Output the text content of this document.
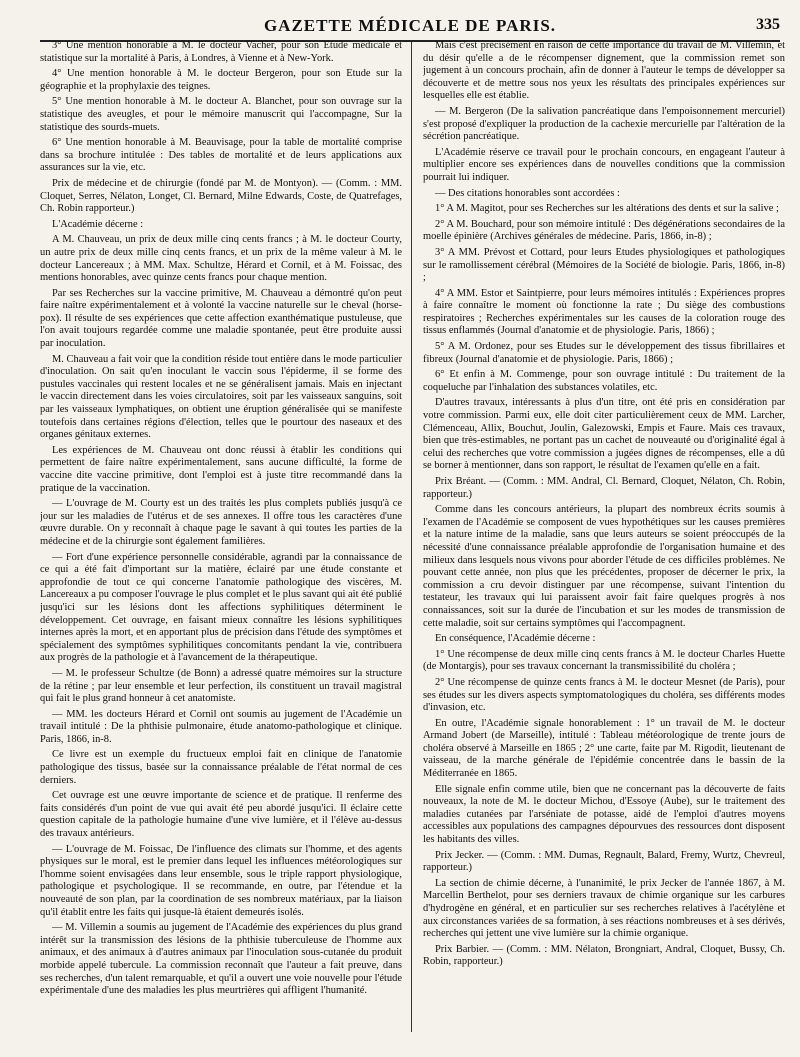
GAZETTE MÉDICALE DE PARIS.	335

3° Une mention honorable à M. le docteur Vacher, pour son Etude médicale et statistique sur la mortalité à Paris, à Londres, à Vienne et à New-York.

4° Une mention honorable à M. le docteur Bergeron, pour son Etude sur la géographie et la prophylaxie des teignes.

5° Une mention honorable à M. le docteur A. Blanchet, pour son ouvrage sur la statistique des aveugles, et pour le mémoire manuscrit qui l'accompagne, Sur la statistique des sourds-muets.

6° Une mention honorable à M. Beauvisage, pour la table de mortalité comprise dans sa brochure intitulée : Des tables de mortalité et de leurs applications aux assurances sur la vie, etc.

Prix de médecine et de chirurgie (fondé par M. de Montyon). — (Comm. : MM. Cloquet, Serres, Nélaton, Longet, Cl. Bernard, Milne Edwards, Coste, de Quatrefages, Ch. Robin rapporteur.)

L'Académie décerne :

A M. Chauveau, un prix de deux mille cinq cents francs ; à M. le docteur Courty, un autre prix de deux mille cinq cents francs, et un prix de la même valeur à M. le docteur Lancereaux ; à MM. Max. Schultze, Hérard et Cornil, et à M. Foissac, des mentions honorables, avec quinze cents francs pour chaque mention.

Par ses Recherches sur la vaccine primitive, M. Chauveau a démontré qu'on peut faire naître expérimentalement et à volonté la vaccine naturelle sur le cheval (horse-pox). Il résulte de ses expériences que cette affection exanthématique pustuleuse, que l'on avait toujours regardée comme une maladie spontanée, peut être produite aussi par inoculation.

M. Chauveau a fait voir que la condition réside tout entière dans le mode particulier d'inoculation. On sait qu'en inoculant le vaccin sous l'épiderme, il se forme des pustules vaccinales qui restent locales et ne se généralisent jamais. Mais en injectant le vaccin directement dans les voies circulatoires, soit par les vaisseaux sanguins, soit par les vaisseaux lymphatiques, on obtient une éruption généralisée qui se manifeste toutefois dans certaines régions d'élection, telles que le pourtour des naseaux et des organes génitaux externes.

Les expériences de M. Chauveau ont donc réussi à établir les conditions qui permettent de faire naître expérimentalement, sans aucune difficulté, la forme de vaccine dite vaccine primitive, dont l'emploi est à juste titre recommandé dans la pratique de la vaccination.

— L'ouvrage de M. Courty est un des traités les plus complets publiés jusqu'à ce jour sur les maladies de l'utérus et de ses annexes. Il offre tous les caractères d'une œuvre durable. On y reconnaît à chaque page le savant à qui toutes les parties de la médecine et de la chirurgie sont également familières.

— Fort d'une expérience personnelle considérable, agrandi par la connaissance de ce qui a été fait d'important sur la matière, éclairé par une étude constante et approfondie de tout ce qui concerne l'anatomie pathologique des viscères, M. Lancereaux a pu composer l'ouvrage le plus complet et le plus savant qui ait été publié jusqu'ici sur les lésions dont les affections syphilitiques déterminent le développement. Cet ouvrage, en faisant mieux connaître les lésions syphilitiques internes après la mort, et en apportant plus de précision dans l'étude des symptômes et spécialement des symptômes syphilitiques concomitants pendant la vie, contribuera aux progrès de la pathologie et à l'avancement de la thérapeutique.

— M. le professeur Schultze (de Bonn) a adressé quatre mémoires sur la structure de la rétine ; par leur ensemble et leur perfection, ils constituent un travail magistral qui fait le plus grand honneur à cet anatomiste.

— MM. les docteurs Hérard et Cornil ont soumis au jugement de l'Académie un travail intitulé : De la phthisie pulmonaire, étude anatomo-pathologique et clinique. Paris, 1866, in-8.

Ce livre est un exemple du fructueux emploi fait en clinique de l'anatomie pathologique des tissus, basée sur la connaissance préalable de l'état normal de ces derniers.

Cet ouvrage est une œuvre importante de science et de pratique. Il renferme des faits considérés d'un point de vue qui avait été peu abordé jusqu'ici. Il éclaire cette question capitale de la pathologie humaine d'une vive lumière, et il l'élève au-dessus des travaux antérieurs.

— L'ouvrage de M. Foissac, De l'influence des climats sur l'homme, et des agents physiques sur le moral, est le premier dans lequel les influences météorologiques sur l'homme soient envisagées dans leur ensemble, sous le triple rapport physiologique, pathologique et psychologique. Il se recommande, en outre, par l'étendue et la nouveauté de son plan, par la coordination de ses nombreux matériaux, par la liaison qu'il établit entre les faits qui jusque-là étaient demeurés isolés.

— M. Villemin a soumis au jugement de l'Académie des expériences du plus grand intérêt sur la transmission des lésions de la phthisie tuberculeuse de l'homme aux animaux, et des animaux à d'autres animaux par l'inoculation sous-cutanée du produit morbide appelé tubercule. La commission reconnaît que l'auteur a fait preuve, dans ses recherches, d'un talent remarquable, et qu'il a ouvert une voie nouvelle pour l'étude expérimentale d'une des maladies les plus meurtrières qui affligent l'humanité.

Mais c'est précisément en raison de cette importance du travail de M. Villemin, et du désir qu'elle a de le récompenser dignement, que la commission remet son jugement à un concours prochain, afin de donner à l'auteur le temps de développer sa découverte et de mettre sous nos yeux les résultats des principales expériences sur lesquelles elle est établie.

— M. Bergeron (De la salivation pancréatique dans l'empoisonnement mercuriel) s'est proposé d'expliquer la production de la cachexie mercurielle par l'altération de la sécrétion pancréatique.

L'Académie réserve ce travail pour le prochain concours, en engageant l'auteur à multiplier encore ses expériences dans de nouvelles conditions que la commission pourrait lui indiquer.

— Des citations honorables sont accordées :

1° A M. Magitot, pour ses Recherches sur les altérations des dents et sur la salive ;

2° A M. Bouchard, pour son mémoire intitulé : Des dégénérations secondaires de la moelle épinière (Archives générales de médecine. Paris, 1866, in-8) ;

3° A MM. Prévost et Cottard, pour leurs Etudes physiologiques et pathologiques sur le ramollissement cérébral (Mémoires de la Société de biologie. Paris, 1866, in-8) ;

4° A MM. Estor et Saintpierre, pour leurs mémoires intitulés : Expériences propres à faire connaître le moment où fonctionne la rate ; Du siège des combustions respiratoires ; Recherches expérimentales sur les causes de la coloration rouge des tissus enflammés (Journal d'anatomie et de physiologie. Paris, 1866) ;

5° A M. Ordonez, pour ses Etudes sur le développement des tissus fibrillaires et fibreux (Journal d'anatomie et de physiologie. Paris, 1866) ;

6° Et enfin à M. Commenge, pour son ouvrage intitulé : Du traitement de la coqueluche par l'inhalation des substances volatiles, etc.

D'autres travaux, intéressants à plus d'un titre, ont été pris en considération par votre commission. Parmi eux, elle doit citer particulièrement ceux de MM. Larcher, Clémenceau, Allix, Bouchut, Joulin, Galezowski, Empis et Faure. Mais ces travaux, bien que très-estimables, ne portant pas un cachet de nouveauté ou d'originalité égal à celui des recherches que votre commission a jugées dignes de récompenses, elle a dû se borner à mentionner, dans son rapport, le résultat de l'examen qu'elle en a fait.

Prix Bréant. — (Comm. : MM. Andral, Cl. Bernard, Cloquet, Nélaton, Ch. Robin, rapporteur.)

Comme dans les concours antérieurs, la plupart des nombreux écrits soumis à l'examen de l'Académie se composent de vues hypothétiques sur les causes premières et la nature intime de la maladie, sans que leurs auteurs se soient préoccupés de la nécessité d'une connaissance préalable approfondie de l'organisation humaine et des milieux dans lesquels nous vivons pour aborder l'étude de ces difficiles problèmes. Ne pouvant cette année, non plus que les précédentes, proposer de décerner le prix, la commission a cru devoir distinguer par une récompense, suivant l'intention du testateur, les travaux qui lui paraissent avoir fait faire quelques progrès à nos connaissances, soit sur la durée de l'incubation et sur les modes de transmission de cette maladie, soit sur certains symptômes qui l'accompagnent.

En conséquence, l'Académie décerne :

1° Une récompense de deux mille cinq cents francs à M. le docteur Charles Huette (de Montargis), pour ses travaux concernant la transmissibilité du choléra ;

2° Une récompense de quinze cents francs à M. le docteur Mesnet (de Paris), pour ses études sur les divers aspects symptomatologiques du choléra, ses différents modes d'invasion, etc.

En outre, l'Académie signale honorablement : 1° un travail de M. le docteur Armand Jobert (de Marseille), intitulé : Tableau météorologique de trente jours de choléra observé à Marseille en 1865 ; 2° une carte, faite par M. Rigodit, lieutenant de vaisseau, de la marche générale de l'épidémie concentrée dans le bassin de la Méditerranée en 1865.

Elle signale enfin comme utile, bien que ne concernant pas la découverte de faits nouveaux, la note de M. le docteur Michou, d'Essoye (Aube), sur le traitement des maladies cutanées par l'arséniate de potasse, aidé de l'emploi d'autres moyens accessibles aux populations des campagnes dépourvues des ressources dont disposent les habitants des villes.

Prix Jecker. — (Comm. : MM. Dumas, Regnault, Balard, Fremy, Wurtz, Chevreul, rapporteur.)

La section de chimie décerne, à l'unanimité, le prix Jecker de l'année 1867, à M. Marcellin Berthelot, pour ses derniers travaux de chimie organique sur les carbures d'hydrogène en général, et en particulier sur ses recherches relatives à l'acétylène et aux circonstances variées de sa formation, à ses réactions nombreuses et à ses dérivés, recherches qui jettent une vive lumière sur la chimie organique.

Prix Barbier. — (Comm. : MM. Nélaton, Brongniart, Andral, Cloquet, Bussy, Ch. Robin, rapporteur.)
